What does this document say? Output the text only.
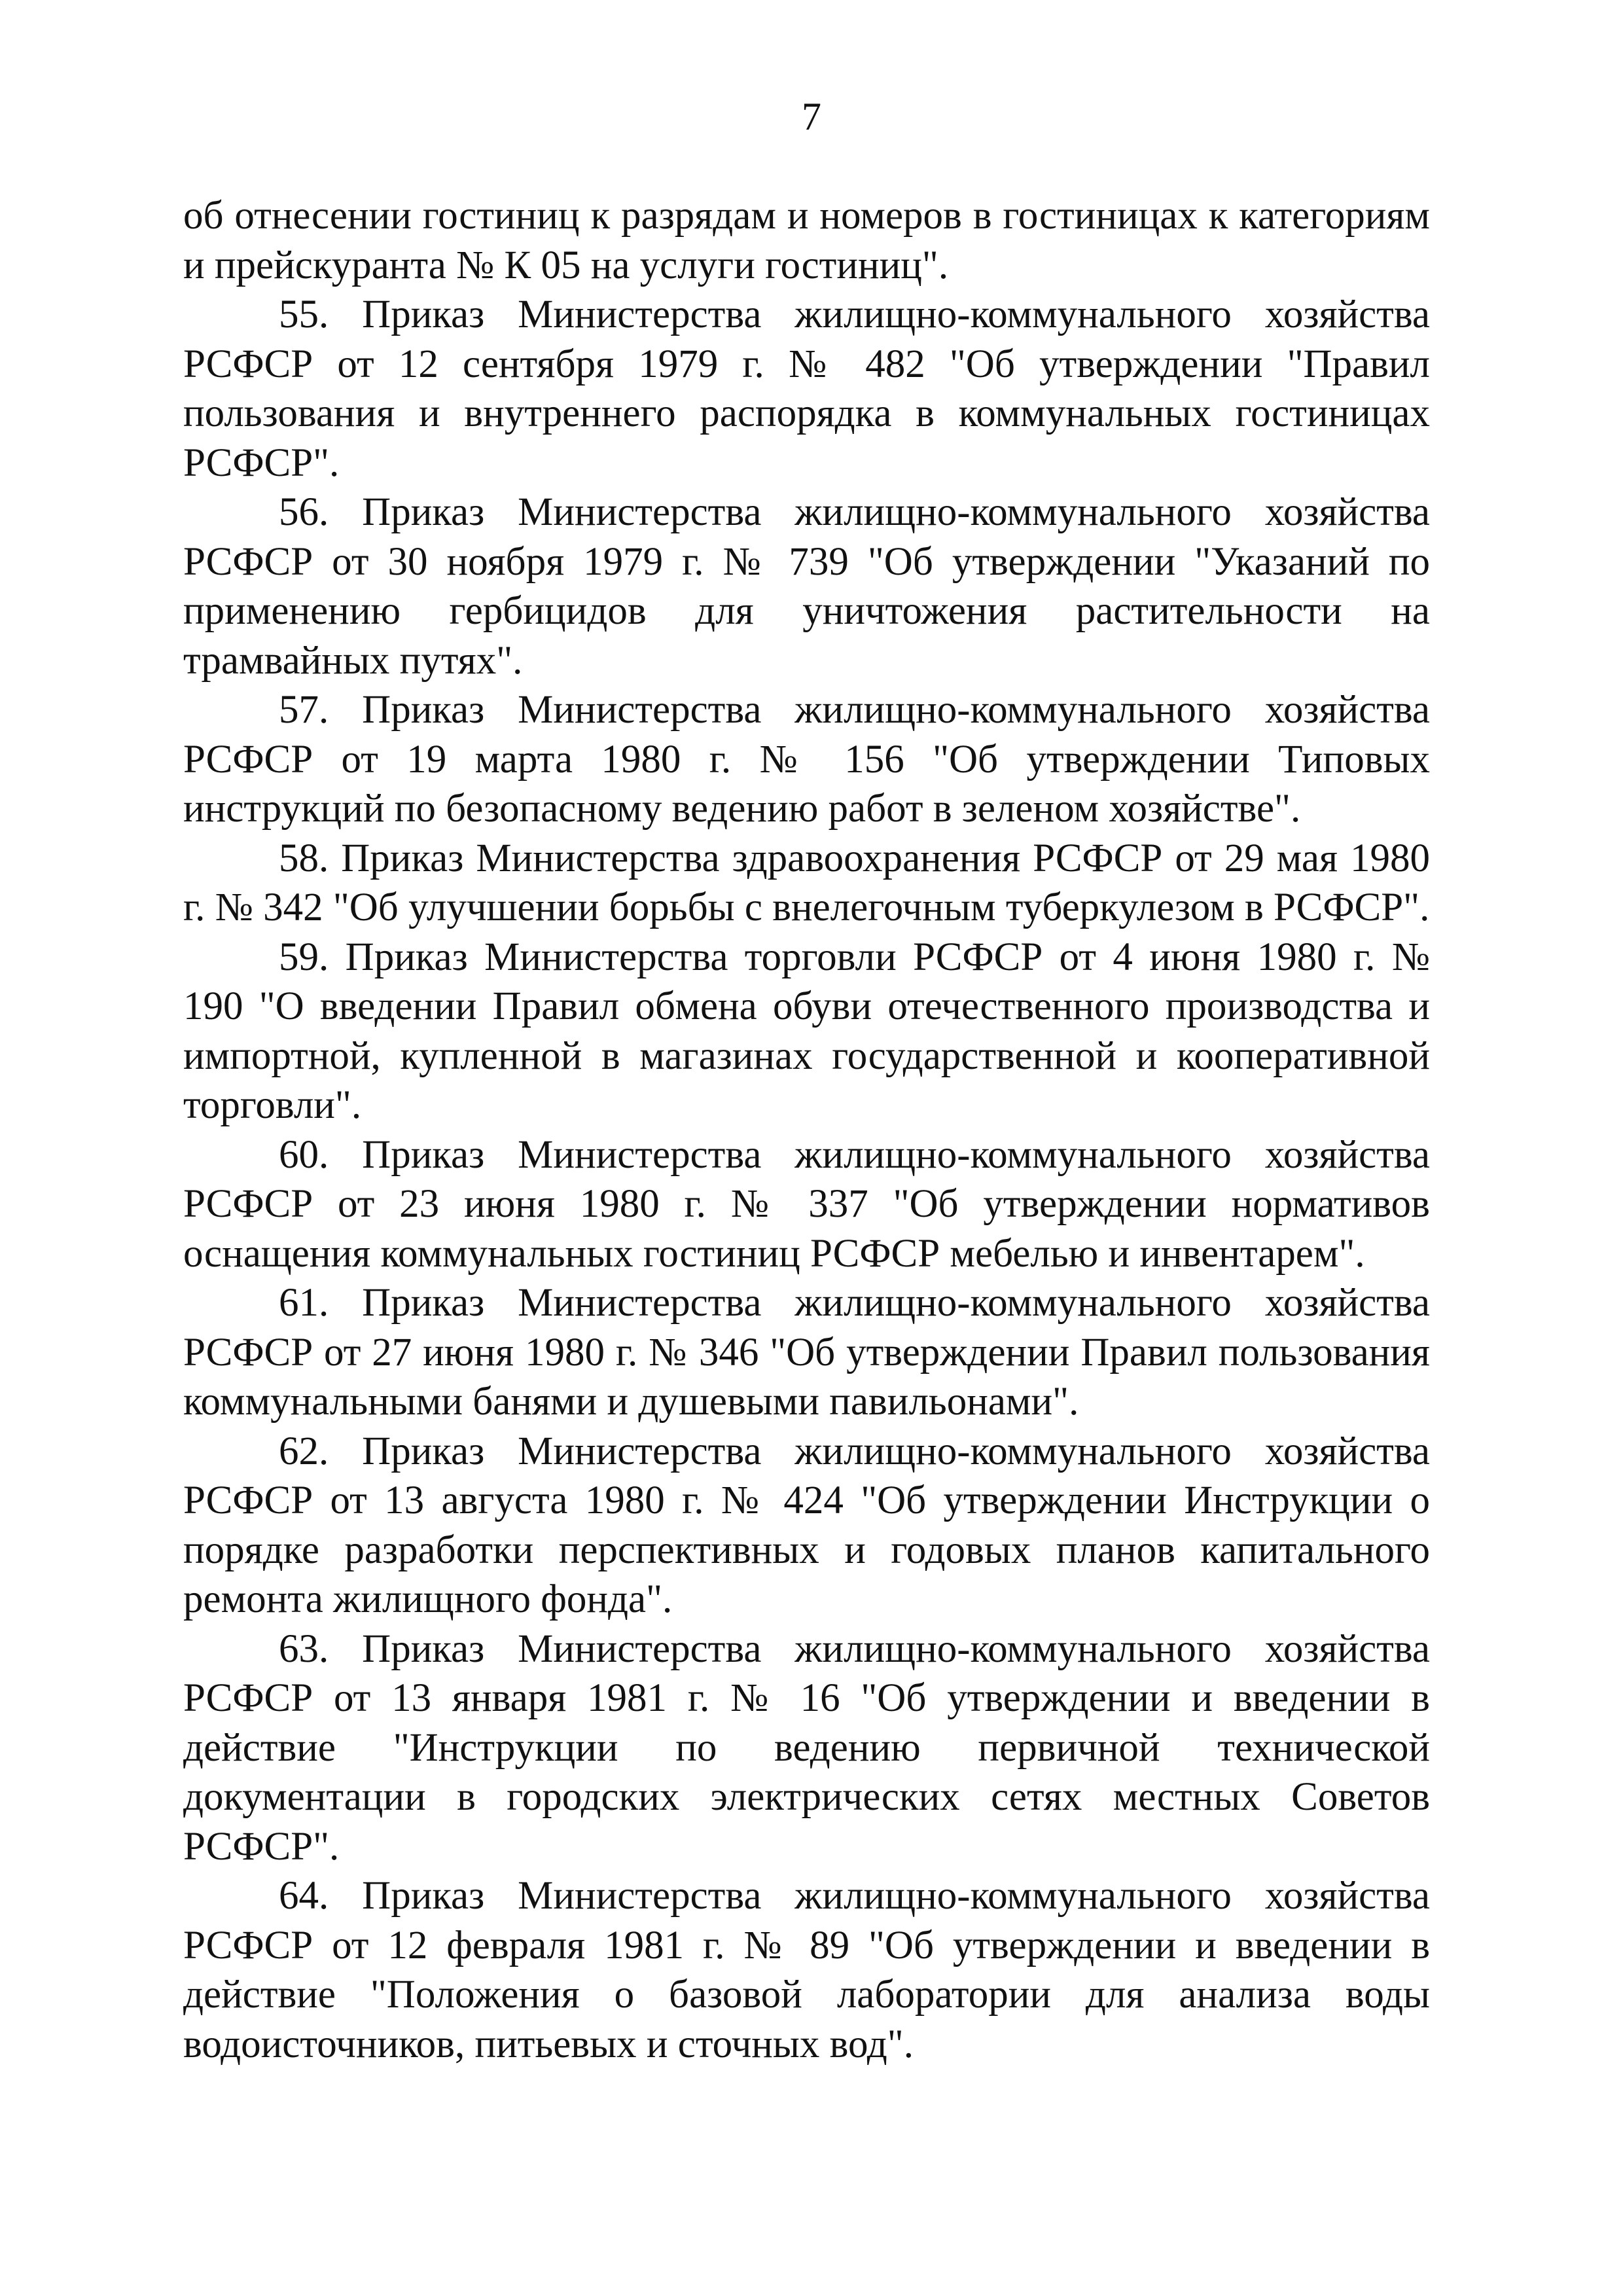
7

об отнесении гостиниц к разрядам и номеров в гостиницах к категориям и прейскуранта № К 05 на услуги гостиниц".

55. Приказ Министерства жилищно-коммунального хозяйства РСФСР от 12 сентября 1979 г. № 482 "Об утверждении "Правил пользования и внутреннего распорядка в коммунальных гостиницах РСФСР".

56. Приказ Министерства жилищно-коммунального хозяйства РСФСР от 30 ноября 1979 г. № 739 "Об утверждении "Указаний по применению гербицидов для уничтожения растительности на трамвайных путях".

57. Приказ Министерства жилищно-коммунального хозяйства РСФСР от 19 марта 1980 г. № 156 "Об утверждении Типовых инструкций по безопасному ведению работ в зеленом хозяйстве".

58. Приказ Министерства здравоохранения РСФСР от 29 мая 1980 г. № 342 "Об улучшении борьбы с внелегочным туберкулезом в РСФСР".

59. Приказ Министерства торговли РСФСР от 4 июня 1980 г. № 190 "О введении Правил обмена обуви отечественного производства и импортной, купленной в магазинах государственной и кооперативной торговли".

60. Приказ Министерства жилищно-коммунального хозяйства РСФСР от 23 июня 1980 г. № 337 "Об утверждении нормативов оснащения коммунальных гостиниц РСФСР мебелью и инвентарем".

61. Приказ Министерства жилищно-коммунального хозяйства РСФСР от 27 июня 1980 г. № 346 "Об утверждении Правил пользования коммунальными банями и душевыми павильонами".

62. Приказ Министерства жилищно-коммунального хозяйства РСФСР от 13 августа 1980 г. № 424 "Об утверждении Инструкции о порядке разработки перспективных и годовых планов капитального ремонта жилищного фонда".

63. Приказ Министерства жилищно-коммунального хозяйства РСФСР от 13 января 1981 г. № 16 "Об утверждении и введении в действие "Инструкции по ведению первичной технической документации в городских электрических сетях местных Советов РСФСР".

64. Приказ Министерства жилищно-коммунального хозяйства РСФСР от 12 февраля 1981 г. № 89 "Об утверждении и введении в действие "Положения о базовой лаборатории для анализа воды водоисточников, питьевых и сточных вод".
